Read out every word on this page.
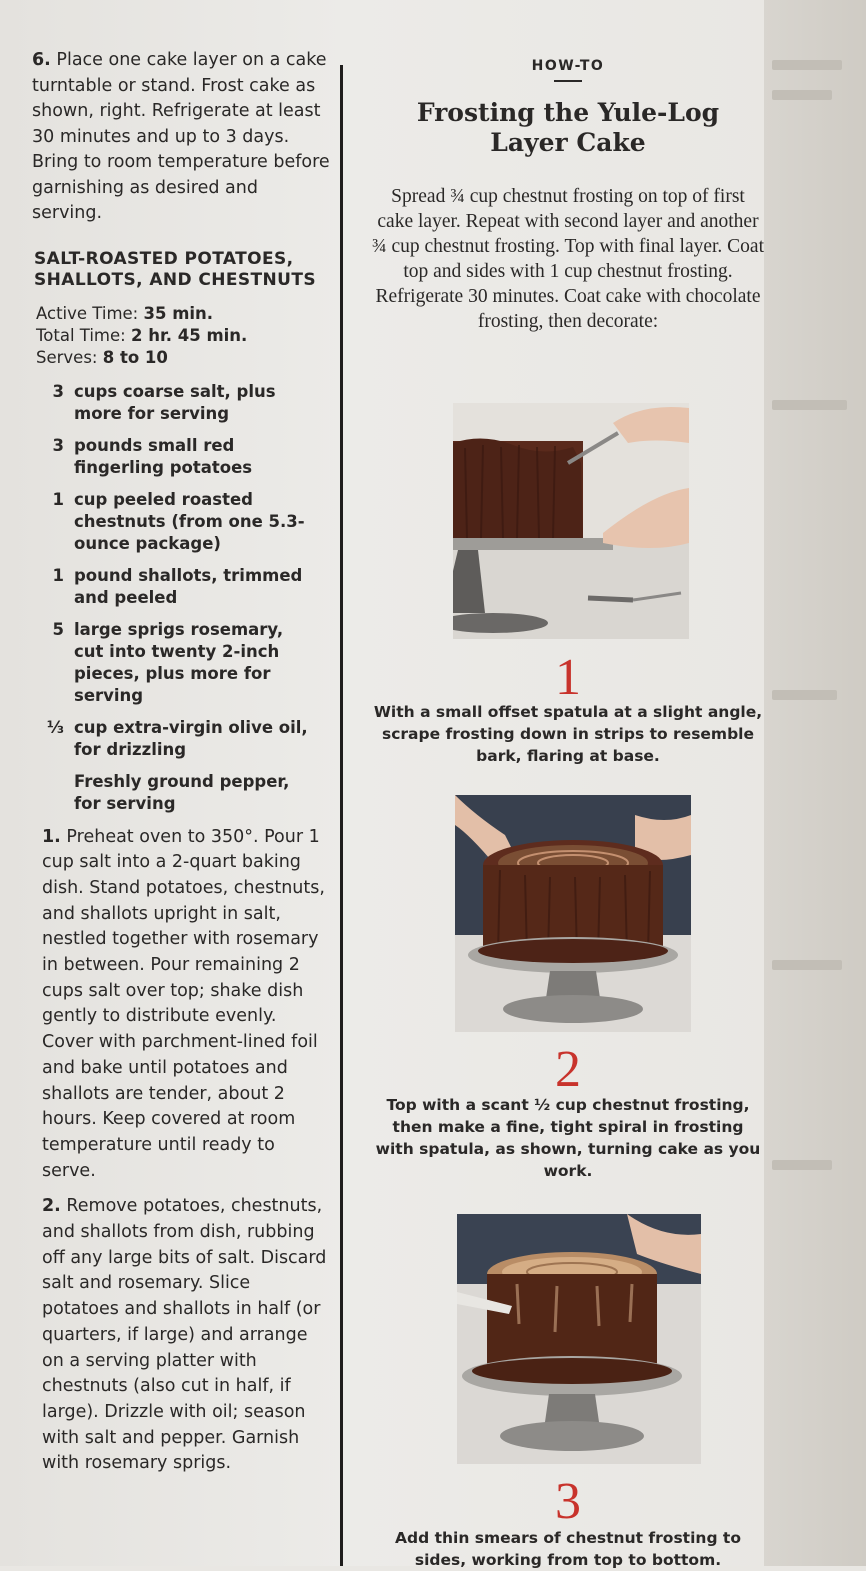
6. Place one cake layer on a cake turntable or stand. Frost cake as shown, right. Refrigerate at least 30 minutes and up to 3 days. Bring to room temperature before garnishing as desired and serving.

SALT-ROASTED POTATOES, SHALLOTS, AND CHESTNUTS
Active Time: 35 min.
Total Time: 2 hr. 45 min.
Serves: 8 to 10
3 cups coarse salt, plus more for serving
3 pounds small red fingerling potatoes
1 cup peeled roasted chestnuts (from one 5.3-ounce package)
1 pound shallots, trimmed and peeled
5 large sprigs rosemary, cut into twenty 2-inch pieces, plus more for serving
⅓ cup extra-virgin olive oil, for drizzling
Freshly ground pepper, for serving

1. Preheat oven to 350°. Pour 1 cup salt into a 2-quart baking dish. Stand potatoes, chestnuts, and shallots upright in salt, nestled together with rosemary in between. Pour remaining 2 cups salt over top; shake dish gently to distribute evenly. Cover with parchment-lined foil and bake until potatoes and shallots are tender, about 2 hours. Keep covered at room temperature until ready to serve.

2. Remove potatoes, chestnuts, and shallots from dish, rubbing off any large bits of salt. Discard salt and rosemary. Slice potatoes and shallots in half (or quarters, if large) and arrange on a serving platter with chestnuts (also cut in half, if large). Drizzle with oil; season with salt and pepper. Garnish with rosemary sprigs.

HOW-TO

Frosting the Yule-Log
Layer Cake

Spread ¾ cup chestnut frosting on top of first cake layer. Repeat with second layer and another ¾ cup chestnut frosting. Top with final layer. Coat top and sides with 1 cup chestnut frosting. Refrigerate 30 minutes. Coat cake with chocolate frosting, then decorate:

1
With a small offset spatula at a slight angle, scrape frosting down in strips to resemble bark, flaring at base.
2
Top with a scant ½ cup chestnut frosting, then make a fine, tight spiral in frosting with spatula, as shown, turning cake as you work.
3
Add thin smears of chestnut frosting to sides, working from top to bottom.
